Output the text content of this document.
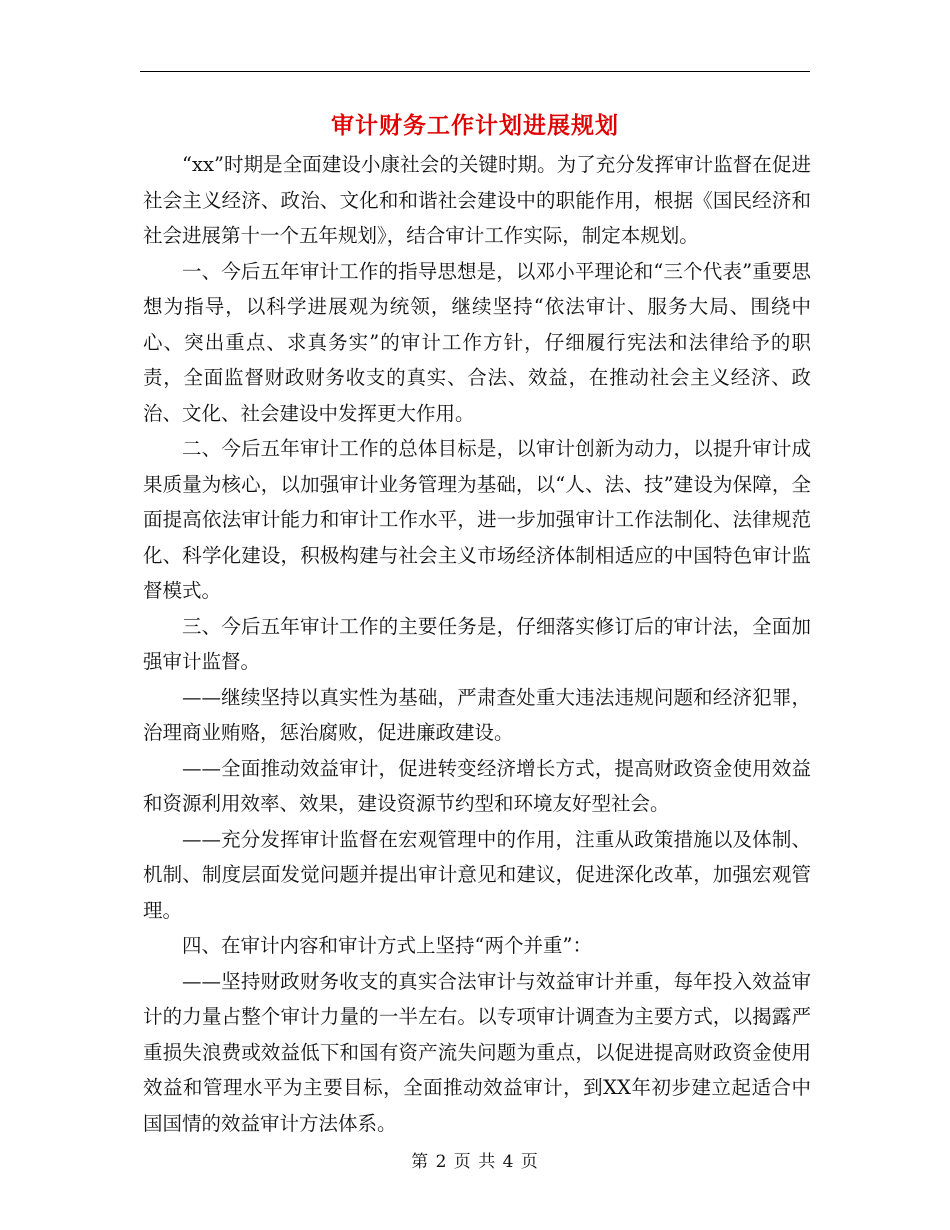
审计财务工作计划进展规划

“xx”时期是全面建设小康社会的关键时期。为了充分发挥审计监督在促进社会主义经济、政治、文化和和谐社会建设中的职能作用，根据《国民经济和社会进展第十一个五年规划》，结合审计工作实际，制定本规划。

一、今后五年审计工作的指导思想是，以邓小平理论和“三个代表”重要思想为指导，以科学进展观为统领，继续坚持“依法审计、服务大局、围绕中心、突出重点、求真务实”的审计工作方针，仔细履行宪法和法律给予的职责，全面监督财政财务收支的真实、合法、效益，在推动社会主义经济、政治、文化、社会建设中发挥更大作用。

二、今后五年审计工作的总体目标是，以审计创新为动力，以提升审计成果质量为核心，以加强审计业务管理为基础，以“人、法、技”建设为保障，全面提高依法审计能力和审计工作水平，进一步加强审计工作法制化、法律规范化、科学化建设，积极构建与社会主义市场经济体制相适应的中国特色审计监督模式。

三、今后五年审计工作的主要任务是，仔细落实修订后的审计法，全面加强审计监督。

——继续坚持以真实性为基础，严肃查处重大违法违规问题和经济犯罪，治理商业贿赂，惩治腐败，促进廉政建设。

——全面推动效益审计，促进转变经济增长方式，提高财政资金使用效益和资源利用效率、效果，建设资源节约型和环境友好型社会。

——充分发挥审计监督在宏观管理中的作用，注重从政策措施以及体制、机制、制度层面发觉问题并提出审计意见和建议，促进深化改革，加强宏观管理。

四、在审计内容和审计方式上坚持“两个并重”：

——坚持财政财务收支的真实合法审计与效益审计并重，每年投入效益审计的力量占整个审计力量的一半左右。以专项审计调查为主要方式，以揭露严重损失浪费或效益低下和国有资产流失问题为重点，以促进提高财政资金使用效益和管理水平为主要目标，全面推动效益审计，到XX年初步建立起适合中国国情的效益审计方法体系。

第 2 页 共 4 页
